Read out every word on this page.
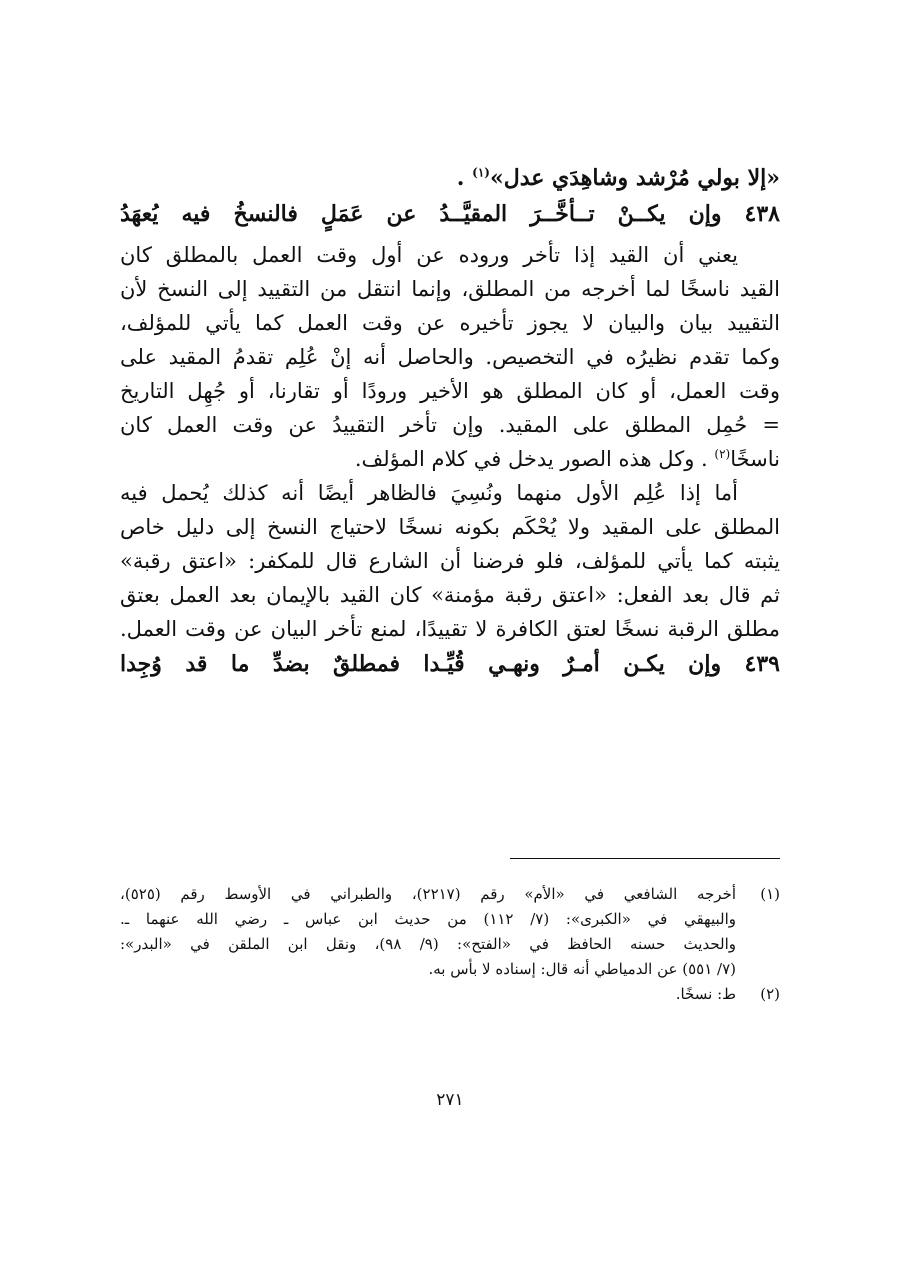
«إلا بولي مُرْشد وشاهِدَي عدل»$^{(١)}$ .
٤٣٨ وإن يكــنْ تــأخَّــرَ المقيَّــدُ عن عَمَلٍ فالنسخُ فيه يُعهَدُ
يعني أن القيد إذا تأخر وروده عن أول وقت العمل بالمطلق كان
القيد ناسخًا لما أخرجه من المطلق، وإنما انتقل من التقييد إلى النسخ لأن
التقييد بيان والبيان لا يجوز تأخيره عن وقت العمل كما يأتي للمؤلف،
وكما تقدم نظيرُه في التخصيص. والحاصل أنه إنْ عُلِم تقدمُ المقيد على
وقت العمل، أو كان المطلق هو الأخير ورودًا أو تقارنا، أو جُهِل التاريخ
= حُمِل المطلق على المقيد. وإن تأخر التقييدُ عن وقت العمل كان
ناسخًا$^{(٢)}$ . وكل هذه الصور يدخل في كلام المؤلف.
أما إذا عُلِم الأول منهما ونُسِيَ فالظاهر أيضًا أنه كذلك يُحمل فيه
المطلق على المقيد ولا يُحْكَم بكونه نسخًا لاحتياج النسخ إلى دليل خاص
يثبته كما يأتي للمؤلف، فلو فرضنا أن الشارع قال للمكفر: «اعتق رقبة»
ثم قال بعد الفعل: «اعتق رقبة مؤمنة» كان القيد بالإيمان بعد العمل بعتق
مطلق الرقبة نسخًا لعتق الكافرة لا تقييدًا، لمنع تأخر البيان عن وقت العمل.
٤٣٩ وإن يكـن أمـرٌ ونهـي قُيِّـدا فمطلقٌ بضدِّ ما قد وُجِدا
(١)
أخرجه الشافعي في «الأم» رقم (٢٢١٧)، والطبراني في الأوسط رقم (٥٢٥)،
والبيهقي في «الكبرى»: (٧/ ١١٢) من حديث ابن عباس ـ رضي الله عنهما ـ.
والحديث حسنه الحافظ في «الفتح»: (٩/ ٩٨)، ونقل ابن الملقن في «البدر»:
(٧/ ٥٥١) عن الدمياطي أنه قال: إسناده لا بأس به.
(٢)
ط: نسخًا.
٢٧١
